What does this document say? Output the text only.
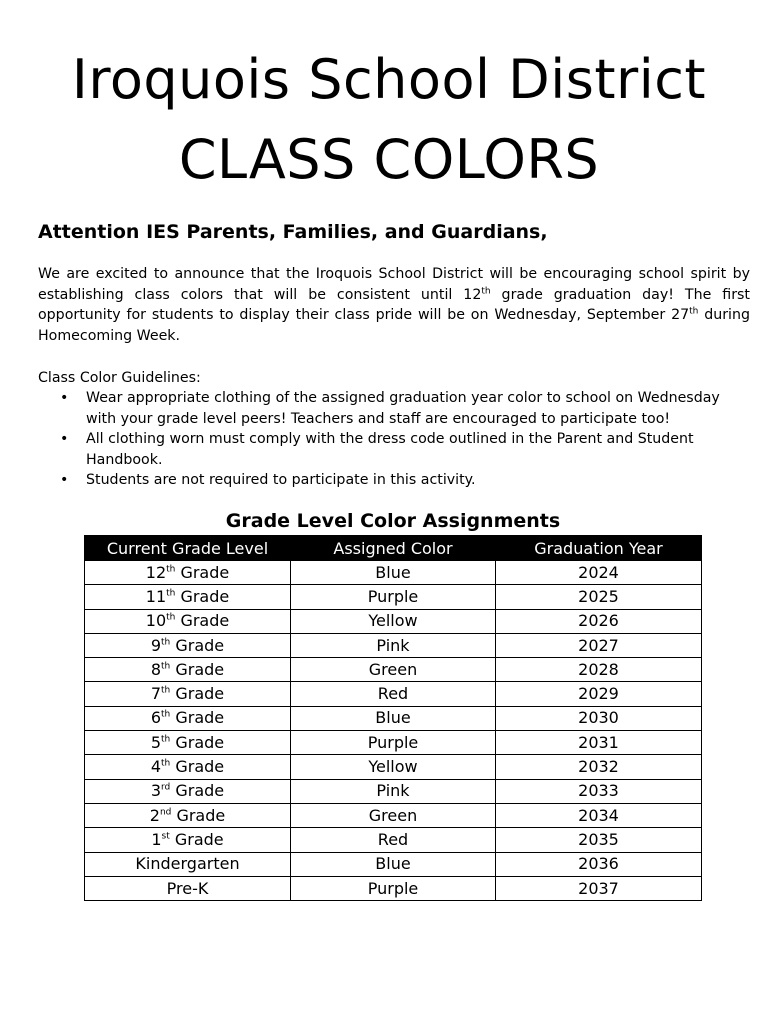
Iroquois School District
CLASS COLORS
Attention IES Parents, Families, and Guardians,
We are excited to announce that the Iroquois School District will be encouraging school spirit by establishing class colors that will be consistent until 12th grade graduation day! The first opportunity for students to display their class pride will be on Wednesday, September 27th during Homecoming Week.
Class Color Guidelines:
• Wear appropriate clothing of the assigned graduation year color to school on Wednesday with your grade level peers! Teachers and staff are encouraged to participate too!
• All clothing worn must comply with the dress code outlined in the Parent and Student Handbook.
• Students are not required to participate in this activity.
Grade Level Color Assignments
Current Grade Level	Assigned Color	Graduation Year
12th Grade	Blue	2024
11th Grade	Purple	2025
10th Grade	Yellow	2026
9th Grade	Pink	2027
8th Grade	Green	2028
7th Grade	Red	2029
6th Grade	Blue	2030
5th Grade	Purple	2031
4th Grade	Yellow	2032
3rd Grade	Pink	2033
2nd Grade	Green	2034
1st Grade	Red	2035
Kindergarten	Blue	2036
Pre-K	Purple	2037
